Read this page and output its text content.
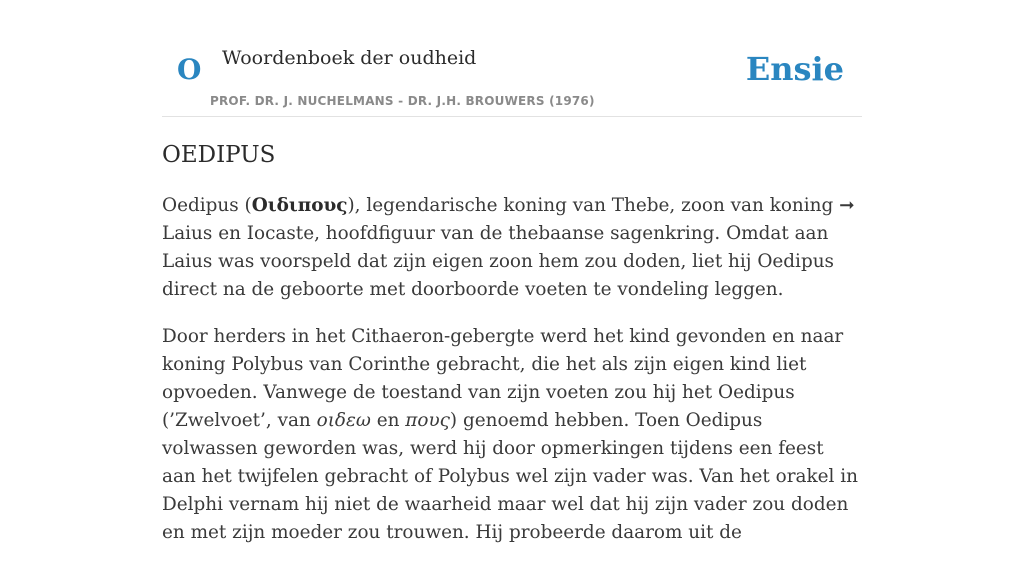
O Woordenboek der oudheid
PROF. DR. J. NUCHELMANS - DR. J.H. BROUWERS (1976)
Ensie
OEDIPUS

Oedipus (Οιδιπους), legendarische koning van Thebe, zoon van koning ➞ Laius en Iocaste, hoofdfiguur van de thebaanse sagenkring. Omdat aan Laius was voorspeld dat zijn eigen zoon hem zou doden, liet hij Oedipus direct na de geboorte met doorboorde voeten te vondeling leggen.

Door herders in het Cithaeron-gebergte werd het kind gevonden en naar koning Polybus van Corinthe gebracht, die het als zijn eigen kind liet opvoeden. Vanwege de toestand van zijn voeten zou hij het Oedipus (’Zwelvoet’, van οιδεω en πους) genoemd hebben. Toen Oedipus volwassen geworden was, werd hij door opmerkingen tijdens een feest aan het twijfelen gebracht of Polybus wel zijn vader was. Van het orakel in Delphi vernam hij niet de waarheid maar wel dat hij zijn vader zou doden en met zijn moeder zou trouwen. Hij probeerde daarom uit de
